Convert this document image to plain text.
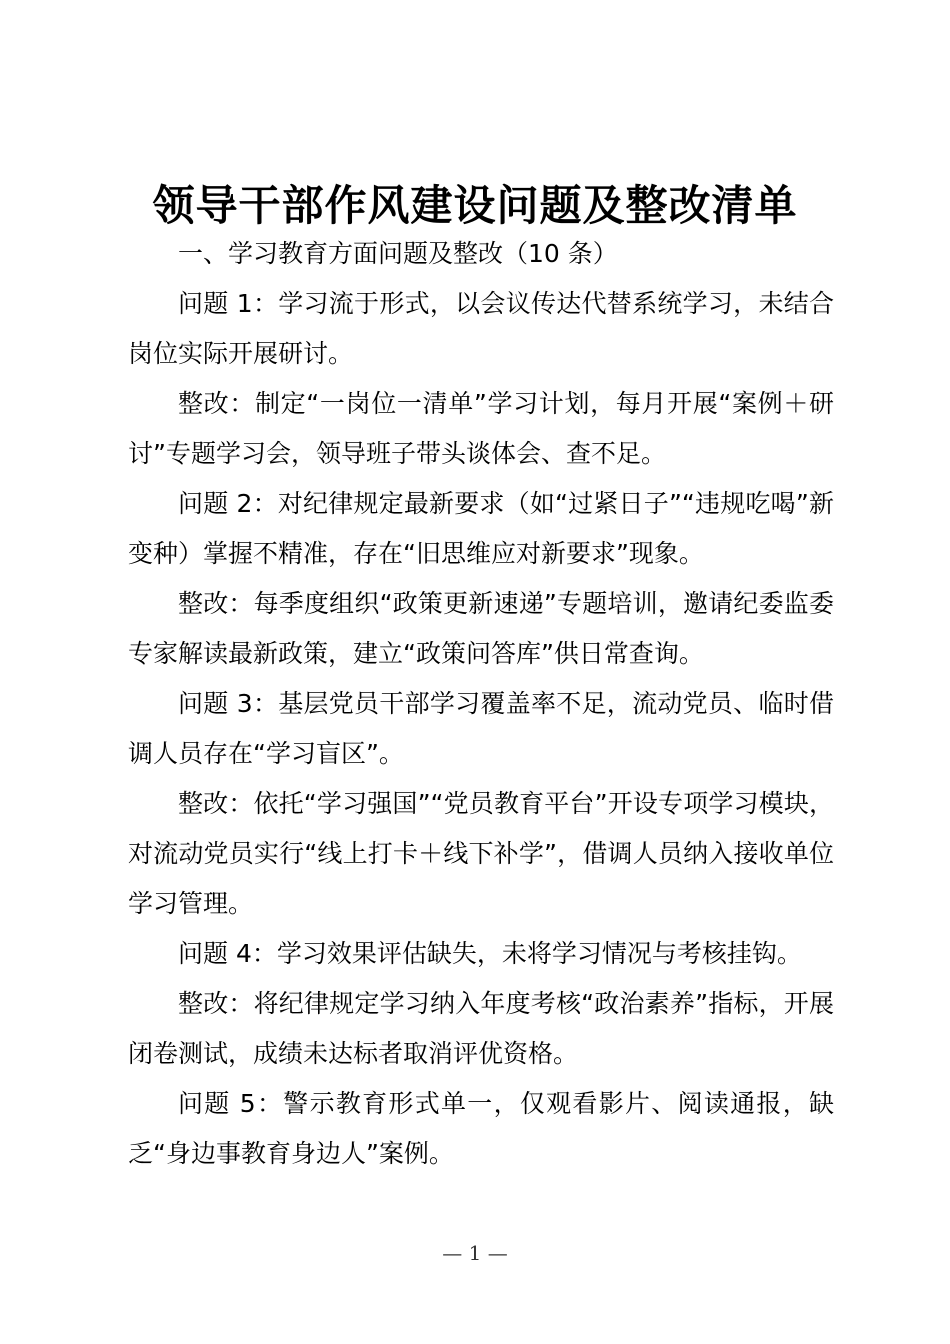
领导干部作风建设问题及整改清单

一、学习教育方面问题及整改（10 条）

问题 1：学习流于形式，以会议传达代替系统学习，未结合岗位实际开展研讨。

整改：制定“一岗位一清单”学习计划，每月开展“案例＋研讨”专题学习会，领导班子带头谈体会、查不足。

问题 2：对纪律规定最新要求（如“过紧日子”“违规吃喝”新变种）掌握不精准，存在“旧思维应对新要求”现象。

整改：每季度组织“政策更新速递”专题培训，邀请纪委监委专家解读最新政策，建立“政策问答库”供日常查询。

问题 3：基层党员干部学习覆盖率不足，流动党员、临时借调人员存在“学习盲区”。

整改：依托“学习强国”“党员教育平台”开设专项学习模块，对流动党员实行“线上打卡＋线下补学”，借调人员纳入接收单位学习管理。

问题 4：学习效果评估缺失，未将学习情况与考核挂钩。

整改：将纪律规定学习纳入年度考核“政治素养”指标，开展闭卷测试，成绩未达标者取消评优资格。

问题 5：警示教育形式单一，仅观看影片、阅读通报，缺乏“身边事教育身边人”案例。

— 1 —
